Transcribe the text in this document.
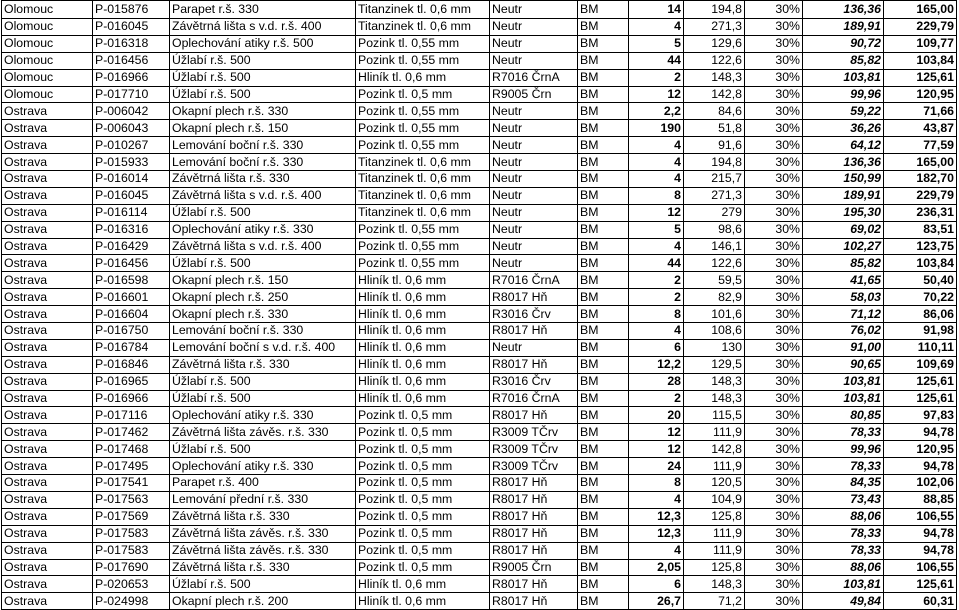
Olomouc	P-015876	Parapet r.š. 330	Titanzinek tl. 0,6 mm	Neutr	BM	14	194,8	30%	136,36	165,00
Olomouc	P-016045	Závětrná lišta s v.d. r.š. 400	Titanzinek tl. 0,6 mm	Neutr	BM	4	271,3	30%	189,91	229,79
Olomouc	P-016318	Oplechování atiky r.š. 500	Pozink tl. 0,55 mm	Neutr	BM	5	129,6	30%	90,72	109,77
Olomouc	P-016456	Úžlabí r.š. 500	Pozink tl. 0,55 mm	Neutr	BM	44	122,6	30%	85,82	103,84
Olomouc	P-016966	Úžlabí r.š. 500	Hliník tl. 0,6 mm	R7016 ČrnA	BM	2	148,3	30%	103,81	125,61
Olomouc	P-017710	Úžlabí r.š. 500	Pozink tl. 0,5 mm	R9005 Črn	BM	12	142,8	30%	99,96	120,95
Ostrava	P-006042	Okapní plech r.š. 330	Pozink tl. 0,55 mm	Neutr	BM	2,2	84,6	30%	59,22	71,66
Ostrava	P-006043	Okapní plech r.š. 150	Pozink tl. 0,55 mm	Neutr	BM	190	51,8	30%	36,26	43,87
Ostrava	P-010267	Lemování boční r.š. 330	Pozink tl. 0,55 mm	Neutr	BM	4	91,6	30%	64,12	77,59
Ostrava	P-015933	Lemování boční r.š. 330	Titanzinek tl. 0,6 mm	Neutr	BM	4	194,8	30%	136,36	165,00
Ostrava	P-016014	Závětrná lišta r.š. 330	Titanzinek tl. 0,6 mm	Neutr	BM	4	215,7	30%	150,99	182,70
Ostrava	P-016045	Závětrná lišta s v.d. r.š. 400	Titanzinek tl. 0,6 mm	Neutr	BM	8	271,3	30%	189,91	229,79
Ostrava	P-016114	Úžlabí r.š. 500	Titanzinek tl. 0,6 mm	Neutr	BM	12	279	30%	195,30	236,31
Ostrava	P-016316	Oplechování atiky r.š. 330	Pozink tl. 0,55 mm	Neutr	BM	5	98,6	30%	69,02	83,51
Ostrava	P-016429	Závětrná lišta s v.d. r.š. 400	Pozink tl. 0,55 mm	Neutr	BM	4	146,1	30%	102,27	123,75
Ostrava	P-016456	Úžlabí r.š. 500	Pozink tl. 0,55 mm	Neutr	BM	44	122,6	30%	85,82	103,84
Ostrava	P-016598	Okapní plech r.š. 150	Hliník tl. 0,6 mm	R7016 ČrnA	BM	2	59,5	30%	41,65	50,40
Ostrava	P-016601	Okapní plech r.š. 250	Hliník tl. 0,6 mm	R8017 Hň	BM	2	82,9	30%	58,03	70,22
Ostrava	P-016604	Okapní plech r.š. 330	Hliník tl. 0,6 mm	R3016 Črv	BM	8	101,6	30%	71,12	86,06
Ostrava	P-016750	Lemování boční r.š. 330	Hliník tl. 0,6 mm	R8017 Hň	BM	4	108,6	30%	76,02	91,98
Ostrava	P-016784	Lemování boční s v.d. r.š. 400	Hliník tl. 0,6 mm	Neutr	BM	6	130	30%	91,00	110,11
Ostrava	P-016846	Závětrná lišta r.š. 330	Hliník tl. 0,6 mm	R8017 Hň	BM	12,2	129,5	30%	90,65	109,69
Ostrava	P-016965	Úžlabí r.š. 500	Hliník tl. 0,6 mm	R3016 Črv	BM	28	148,3	30%	103,81	125,61
Ostrava	P-016966	Úžlabí r.š. 500	Hliník tl. 0,6 mm	R7016 ČrnA	BM	2	148,3	30%	103,81	125,61
Ostrava	P-017116	Oplechování atiky r.š. 330	Pozink tl. 0,5 mm	R8017 Hň	BM	20	115,5	30%	80,85	97,83
Ostrava	P-017462	Závětrná lišta závěs. r.š. 330	Pozink tl. 0,5 mm	R3009 TČrv	BM	12	111,9	30%	78,33	94,78
Ostrava	P-017468	Úžlabí r.š. 500	Pozink tl. 0,5 mm	R3009 TČrv	BM	12	142,8	30%	99,96	120,95
Ostrava	P-017495	Oplechování atiky r.š. 330	Pozink tl. 0,5 mm	R3009 TČrv	BM	24	111,9	30%	78,33	94,78
Ostrava	P-017541	Parapet r.š. 400	Pozink tl. 0,5 mm	R8017 Hň	BM	8	120,5	30%	84,35	102,06
Ostrava	P-017563	Lemování přední r.š. 330	Pozink tl. 0,5 mm	R8017 Hň	BM	4	104,9	30%	73,43	88,85
Ostrava	P-017569	Závětrná lišta r.š. 330	Pozink tl. 0,5 mm	R8017 Hň	BM	12,3	125,8	30%	88,06	106,55
Ostrava	P-017583	Závětrná lišta závěs. r.š. 330	Pozink tl. 0,5 mm	R8017 Hň	BM	12,3	111,9	30%	78,33	94,78
Ostrava	P-017583	Závětrná lišta závěs. r.š. 330	Pozink tl. 0,5 mm	R8017 Hň	BM	4	111,9	30%	78,33	94,78
Ostrava	P-017690	Závětrná lišta r.š. 330	Pozink tl. 0,5 mm	R9005 Črn	BM	2,05	125,8	30%	88,06	106,55
Ostrava	P-020653	Úžlabí r.š. 500	Hliník tl. 0,6 mm	R8017 Hň	BM	6	148,3	30%	103,81	125,61
Ostrava	P-024998	Okapní plech r.š. 200	Hliník tl. 0,6 mm	R8017 Hň	BM	26,7	71,2	30%	49,84	60,31
